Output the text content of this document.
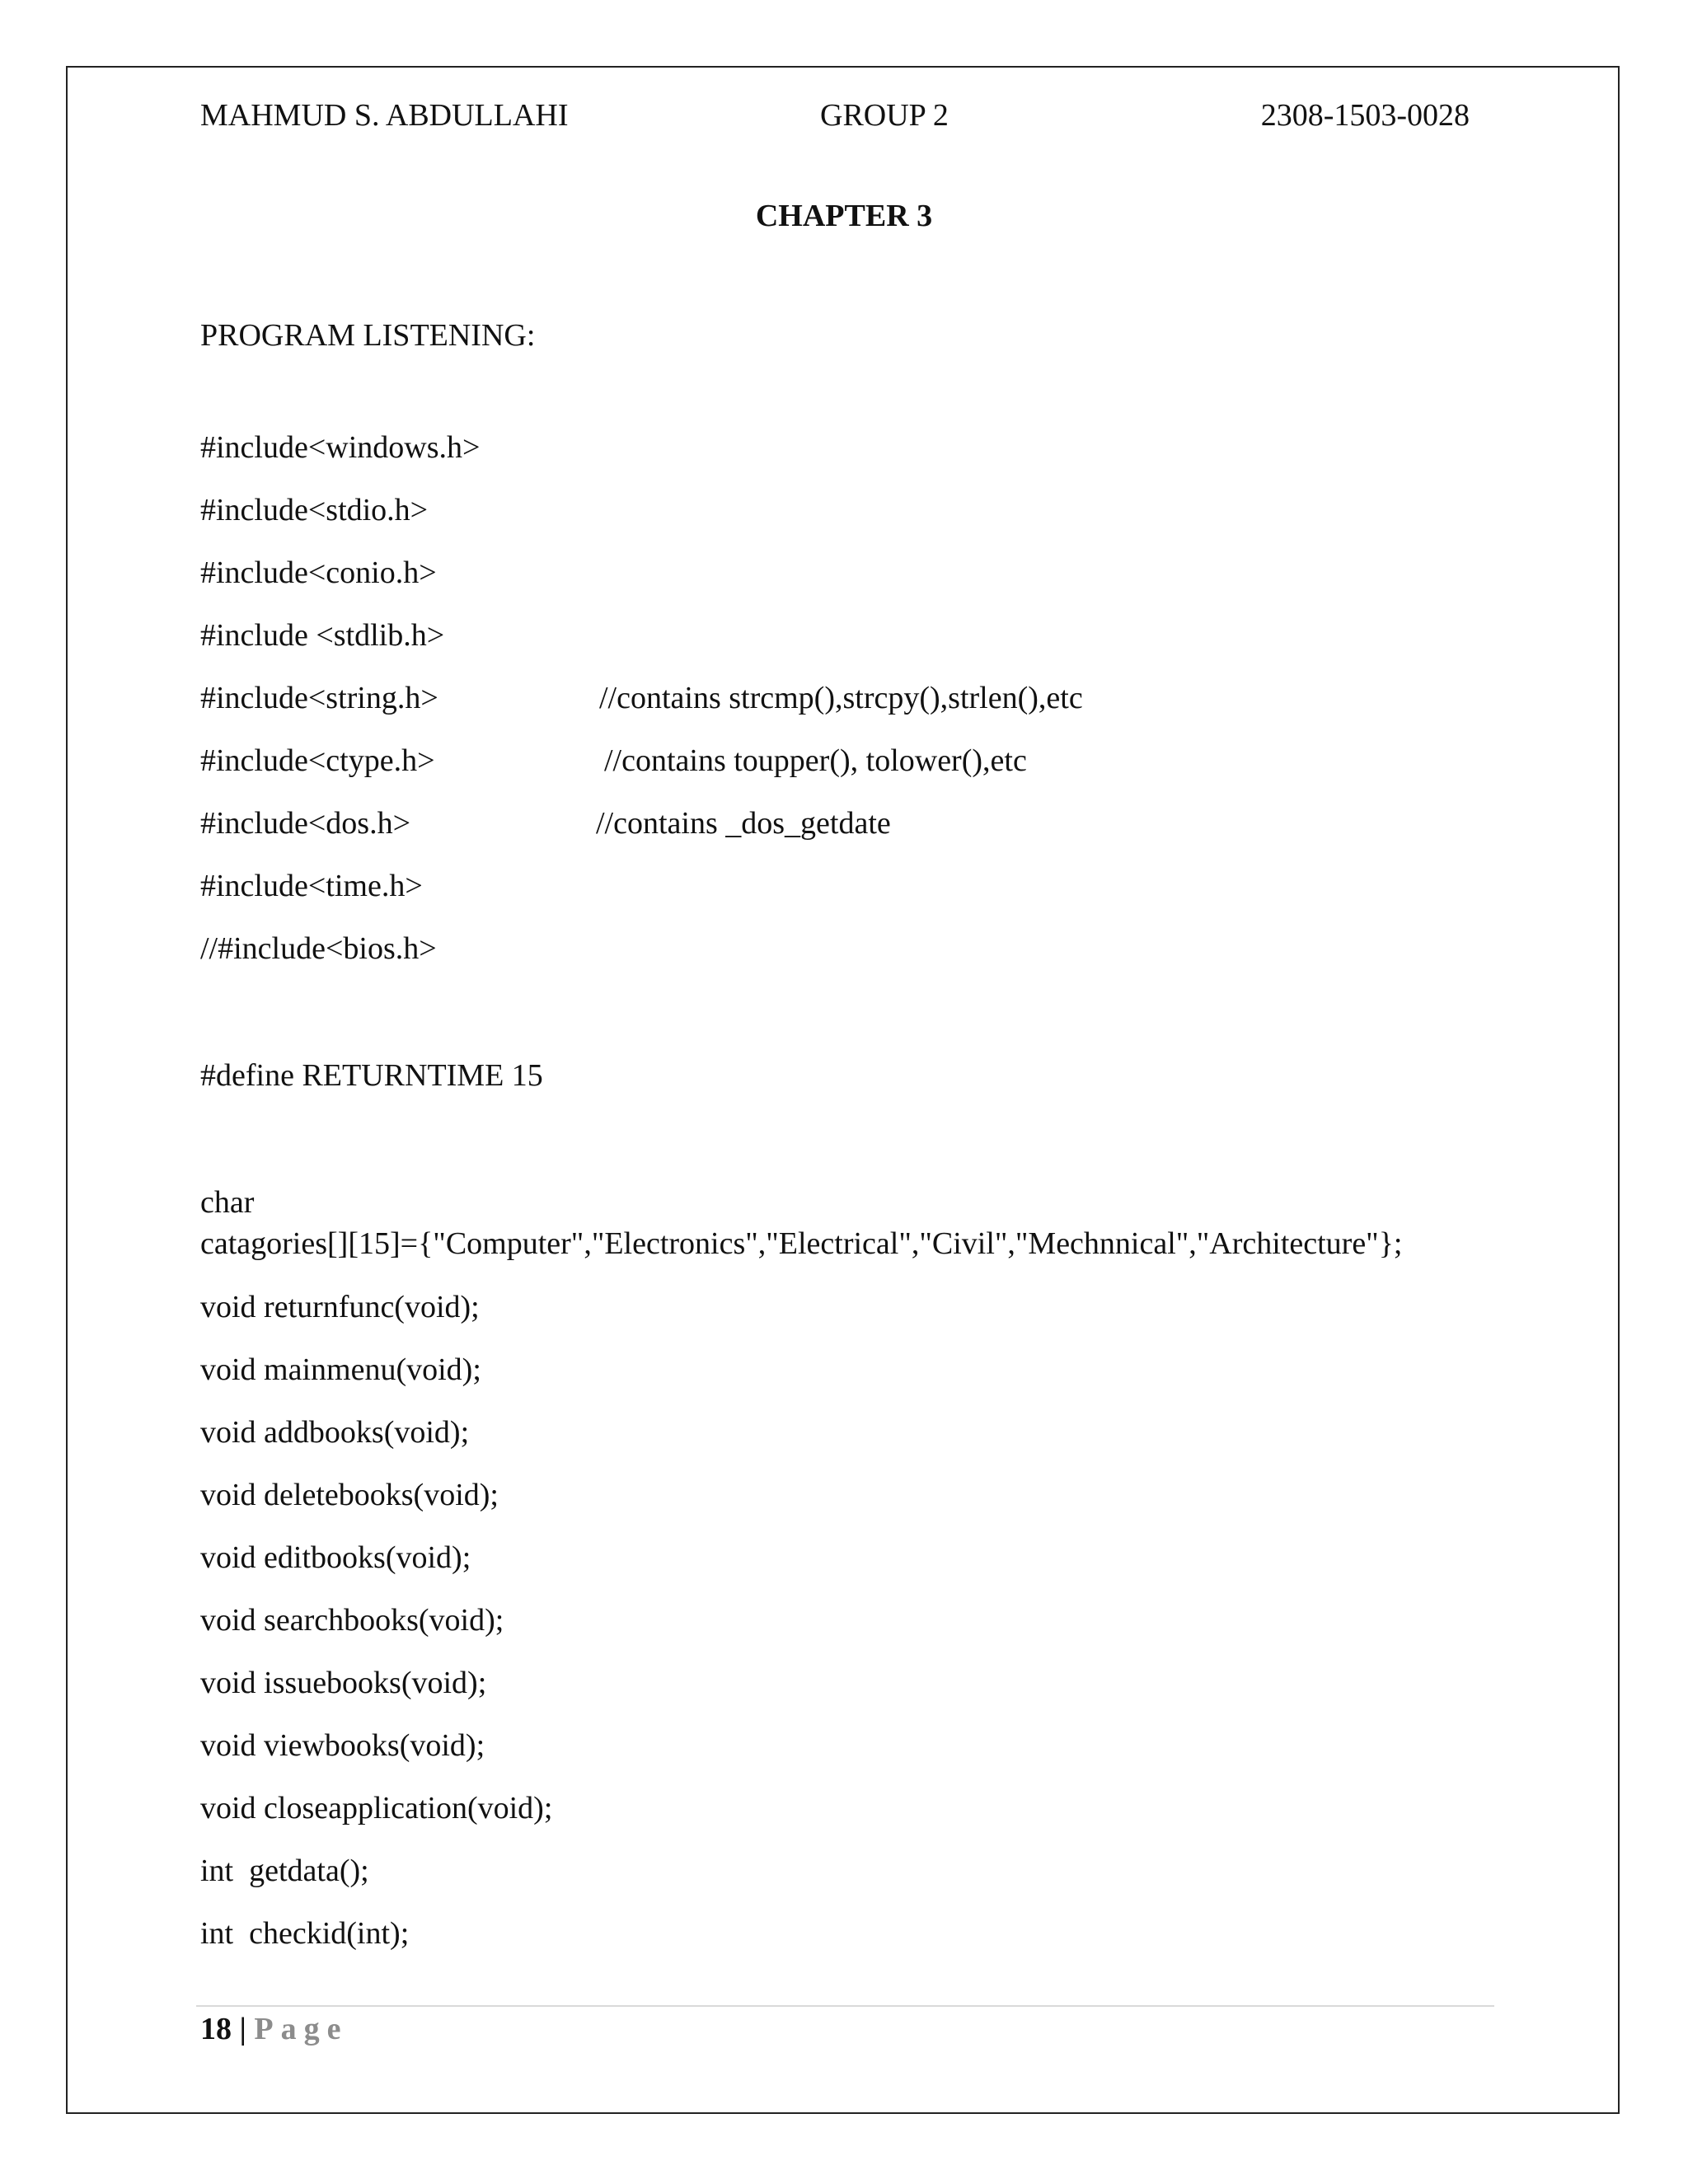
MAHMUD S. ABDULLAHI	GROUP 2	2308-1503-0028
CHAPTER 3
PROGRAM LISTENING:
#include<windows.h>
#include<stdio.h>
#include<conio.h>
#include <stdlib.h>
#include<string.h>	//contains strcmp(),strcpy(),strlen(),etc
#include<ctype.h>	//contains toupper(), tolower(),etc
#include<dos.h>	//contains _dos_getdate
#include<time.h>
//#include<bios.h>
#define RETURNTIME 15
char
catagories[][15]={"Computer","Electronics","Electrical","Civil","Mechnnical","Architecture"};
void returnfunc(void);
void mainmenu(void);
void addbooks(void);
void deletebooks(void);
void editbooks(void);
void searchbooks(void);
void issuebooks(void);
void viewbooks(void);
void closeapplication(void);
int  getdata();
int  checkid(int);
18 | Page
